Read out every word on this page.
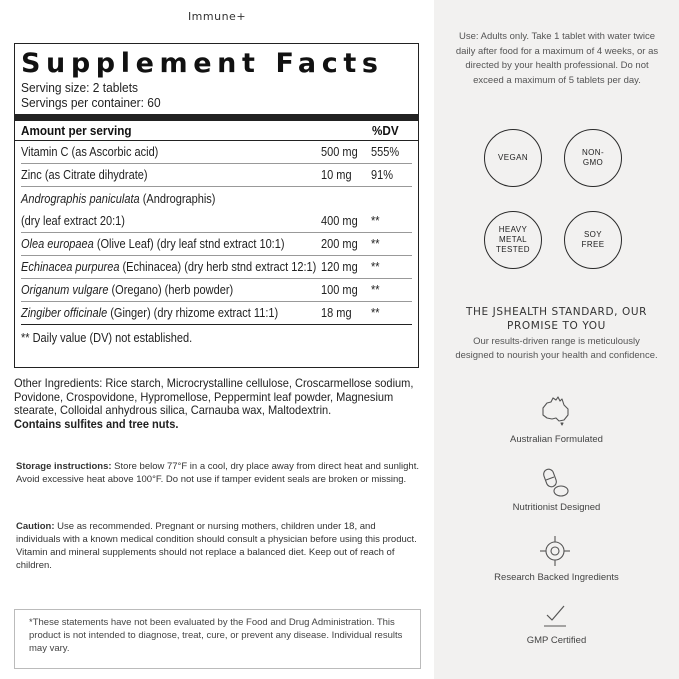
Immune+
Supplement Facts
Serving size: 2 tablets
Servings per container: 60
Amount per serving	%DV
Vitamin C (as Ascorbic acid)	500 mg	555%
Zinc (as Citrate dihydrate)	10 mg	91%
Andrographis paniculata (Andrographis)
(dry leaf extract 20:1)	400 mg	**
Olea europaea (Olive Leaf) (dry leaf stnd extract 10:1)	200 mg	**
Echinacea purpurea (Echinacea) (dry herb stnd extract 12:1) 120 mg	**
Origanum vulgare (Oregano) (herb powder)	100 mg	**
Zingiber officinale (Ginger) (dry rhizome extract 11:1)	18 mg	**
** Daily value (DV) not established.

Other Ingredients: Rice starch, Microcrystalline cellulose, Croscarmellose sodium, Povidone, Crospovidone, Hypromellose, Peppermint leaf powder, Magnesium stearate, Colloidal anhydrous silica, Carnauba wax, Maltodextrin.

Contains sulfites and tree nuts.

Storage instructions: Store below 77°F in a cool, dry place away from direct heat and sunlight. Avoid excessive heat above 100°F. Do not use if tamper evident seals are broken or missing.
Caution: Use as recommended. Pregnant or nursing mothers, children under 18, and individuals with a known medical condition should consult a physician before using this product. Vitamin and mineral supplements should not replace a balanced diet. Keep out of reach of children.
*These statements have not been evaluated by the Food and Drug Administration. This product is not intended to diagnose, treat, cure, or prevent any disease. Individual results may vary.
Use: Adults only. Take 1 tablet with water twice daily after food for a maximum of 4 weeks, or as directed by your health professional. Do not exceed a maximum of 5 tablets per day.
VEGAN
NON-GMO
HEAVY METAL TESTED
SOY FREE
THE JSHEALTH STANDARD, OUR PROMISE TO YOU
Our results-driven range is meticulously designed to nourish your health and confidence.
Australian Formulated
Nutritionist Designed
Research Backed Ingredients
GMP Certified
